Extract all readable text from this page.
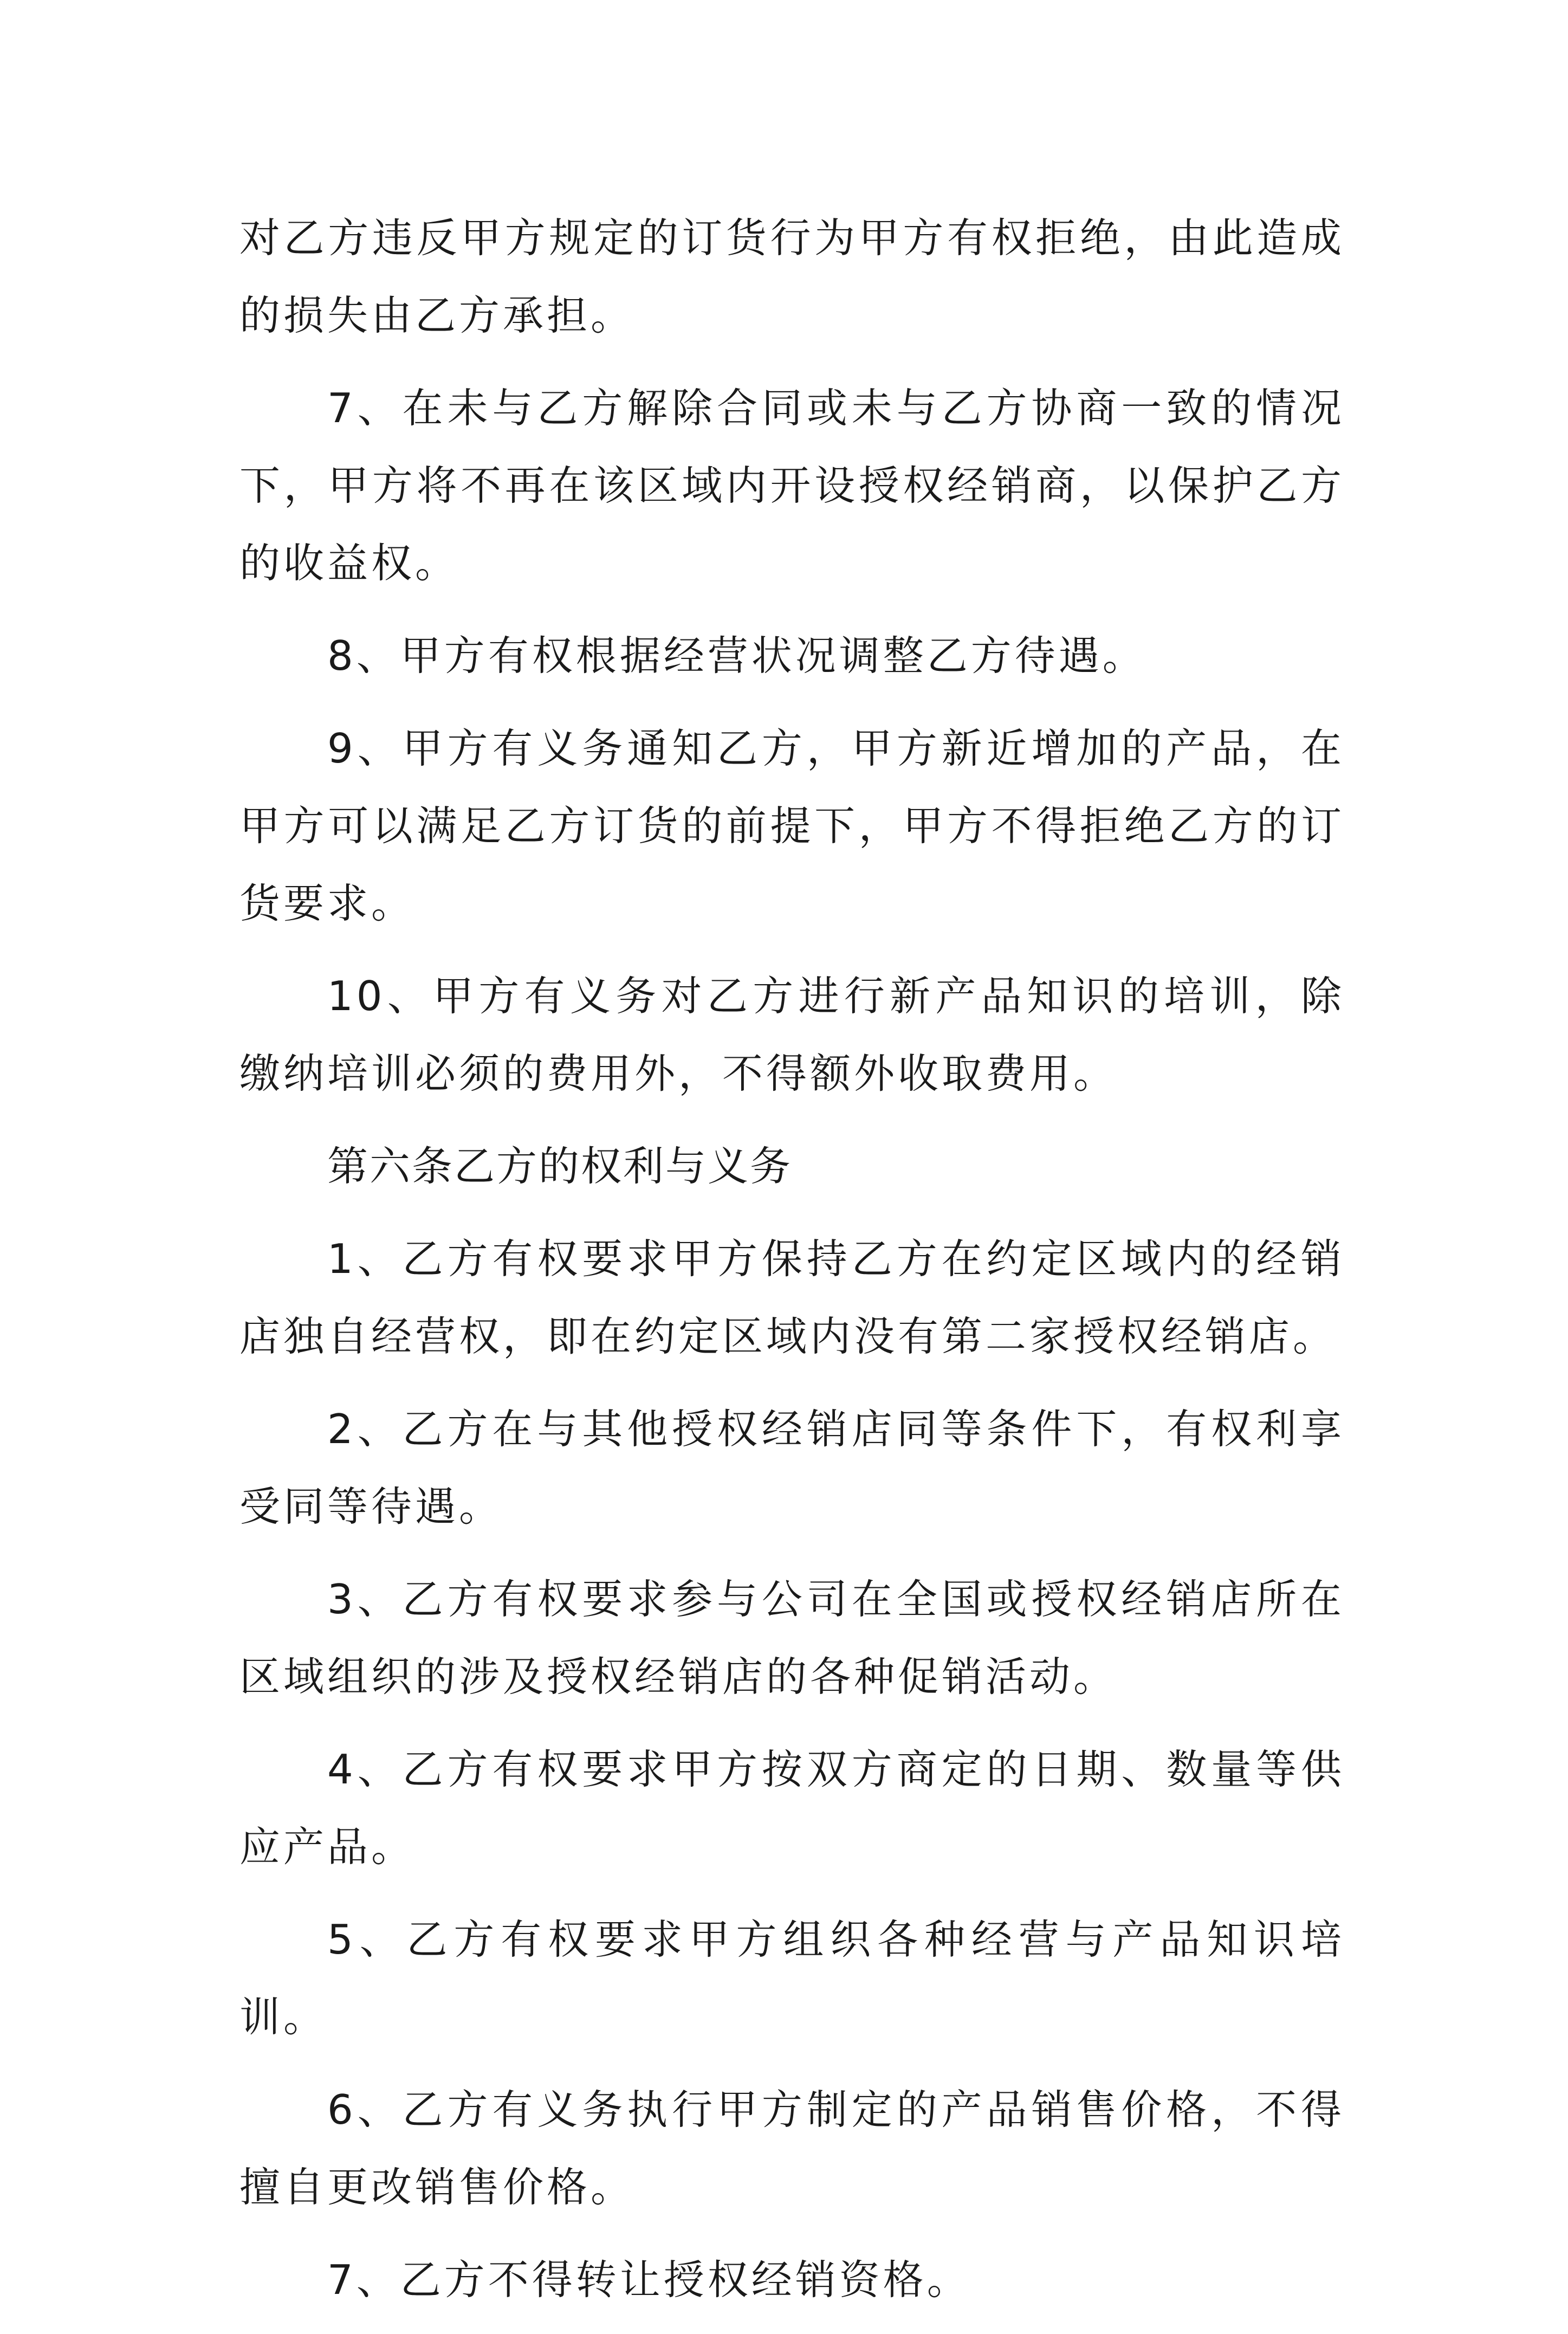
对乙方违反甲方规定的订货行为甲方有权拒绝，由此造成的损失由乙方承担。

7、在未与乙方解除合同或未与乙方协商一致的情况下，甲方将不再在该区域内开设授权经销商，以保护乙方的收益权。

8、甲方有权根据经营状况调整乙方待遇。

9、甲方有义务通知乙方，甲方新近增加的产品，在甲方可以满足乙方订货的前提下，甲方不得拒绝乙方的订货要求。

10、甲方有义务对乙方进行新产品知识的培训，除缴纳培训必须的费用外，不得额外收取费用。

第六条乙方的权利与义务

1、乙方有权要求甲方保持乙方在约定区域内的经销店独自经营权，即在约定区域内没有第二家授权经销店。

2、乙方在与其他授权经销店同等条件下，有权利享受同等待遇。

3、乙方有权要求参与公司在全国或授权经销店所在区域组织的涉及授权经销店的各种促销活动。

4、乙方有权要求甲方按双方商定的日期、数量等供应产品。

5、乙方有权要求甲方组织各种经营与产品知识培训。

6、乙方有义务执行甲方制定的产品销售价格，不得擅自更改销售价格。

7、乙方不得转让授权经销资格。
